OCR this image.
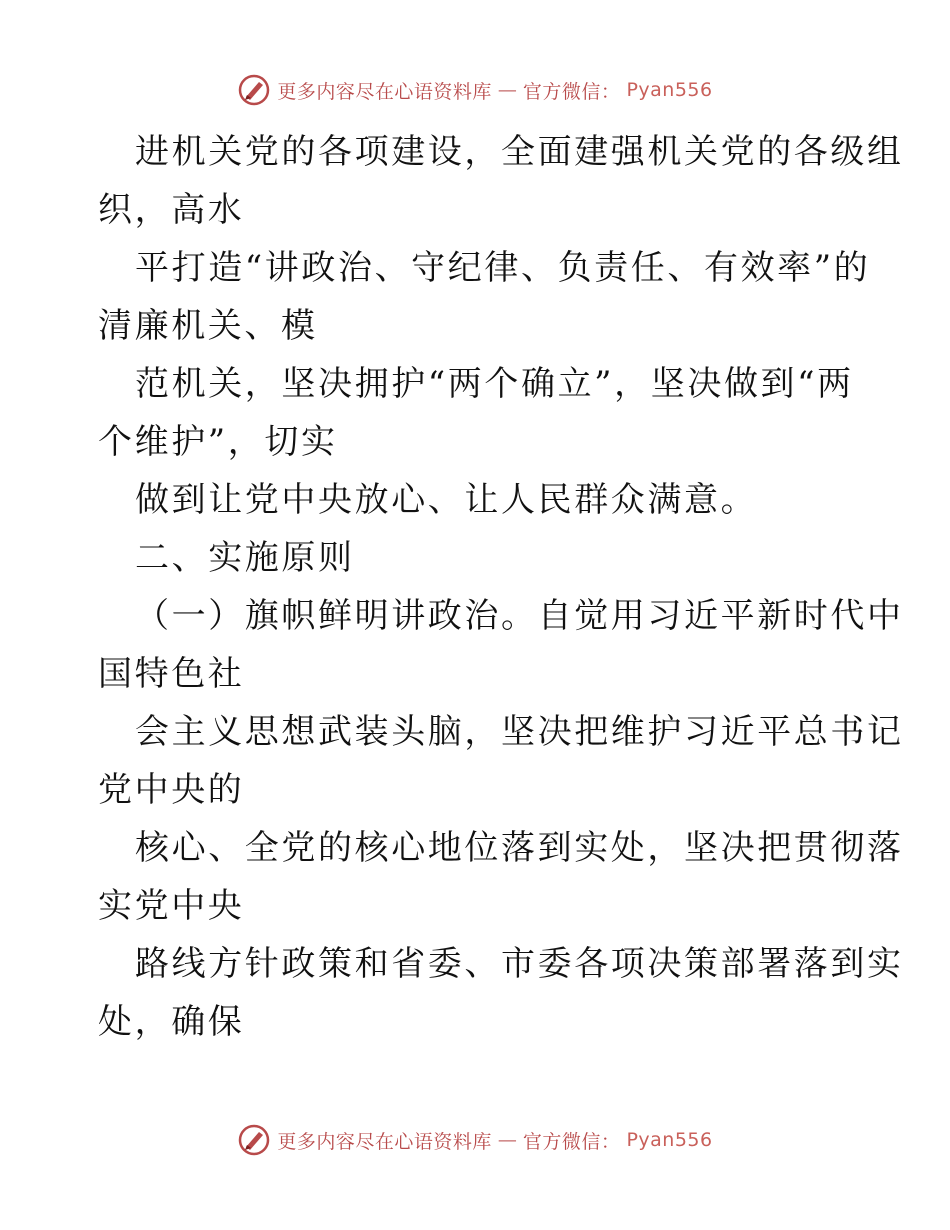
更多内容尽在心语资料库 — 官方微信： Pyan556
进机关党的各项建设，全面建强机关党的各级组
织，高水
平打造“讲政治、守纪律、负责任、有效率”的
清廉机关、模
范机关，坚决拥护“两个确立”，坚决做到“两
个维护”，切实
做到让党中央放心、让人民群众满意。
二、实施原则
（一）旗帜鲜明讲政治。自觉用习近平新时代中
国特色社
会主义思想武装头脑，坚决把维护习近平总书记
党中央的
核心、全党的核心地位落到实处，坚决把贯彻落
实党中央
路线方针政策和省委、市委各项决策部署落到实
处，确保
更多内容尽在心语资料库 — 官方微信： Pyan556
